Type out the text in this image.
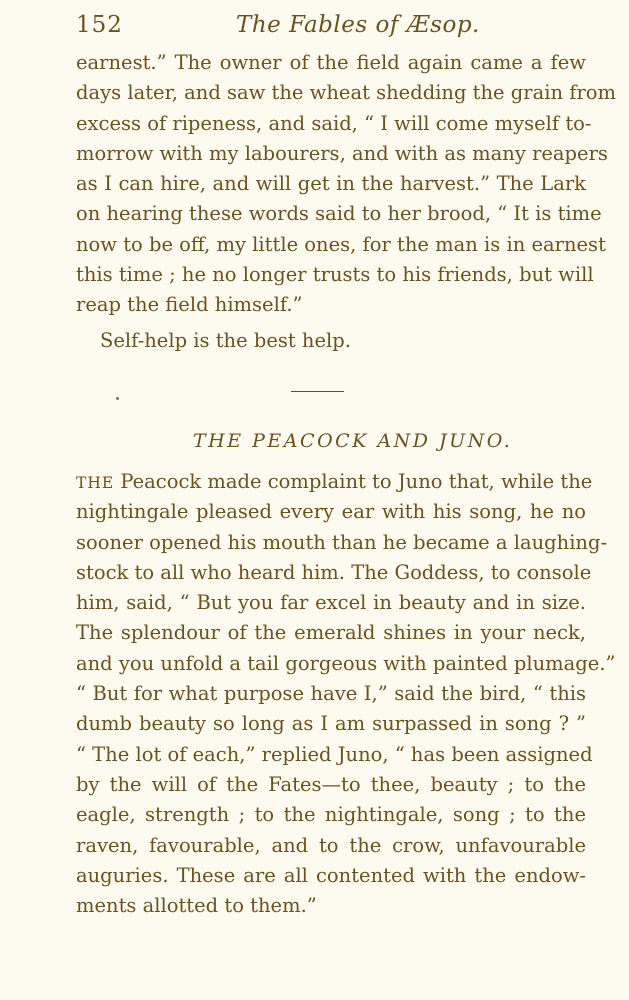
152	The Fables of Æsop.
earnest.” The owner of the field again came a few
days later, and saw the wheat shedding the grain from
excess of ripeness, and said, “ I will come myself to-
morrow with my labourers, and with as many reapers
as I can hire, and will get in the harvest.” The Lark
on hearing these words said to her brood, “ It is time
now to be off, my little ones, for the man is in earnest
this time ; he no longer trusts to his friends, but will
reap the field himself.”
Self-help is the best help.
THE PEACOCK AND JUNO.
THE Peacock made complaint to Juno that, while the
nightingale pleased every ear with his song, he no
sooner opened his mouth than he became a laughing-
stock to all who heard him. The Goddess, to console
him, said, “ But you far excel in beauty and in size.
The splendour of the emerald shines in your neck,
and you unfold a tail gorgeous with painted plumage.”
“ But for what purpose have I,” said the bird, “ this
dumb beauty so long as I am surpassed in song ? ”
“ The lot of each,” replied Juno, “ has been assigned
by the will of the Fates—to thee, beauty ; to the
eagle, strength ; to the nightingale, song ; to the
raven, favourable, and to the crow, unfavourable
auguries. These are all contented with the endow-
ments allotted to them.”
